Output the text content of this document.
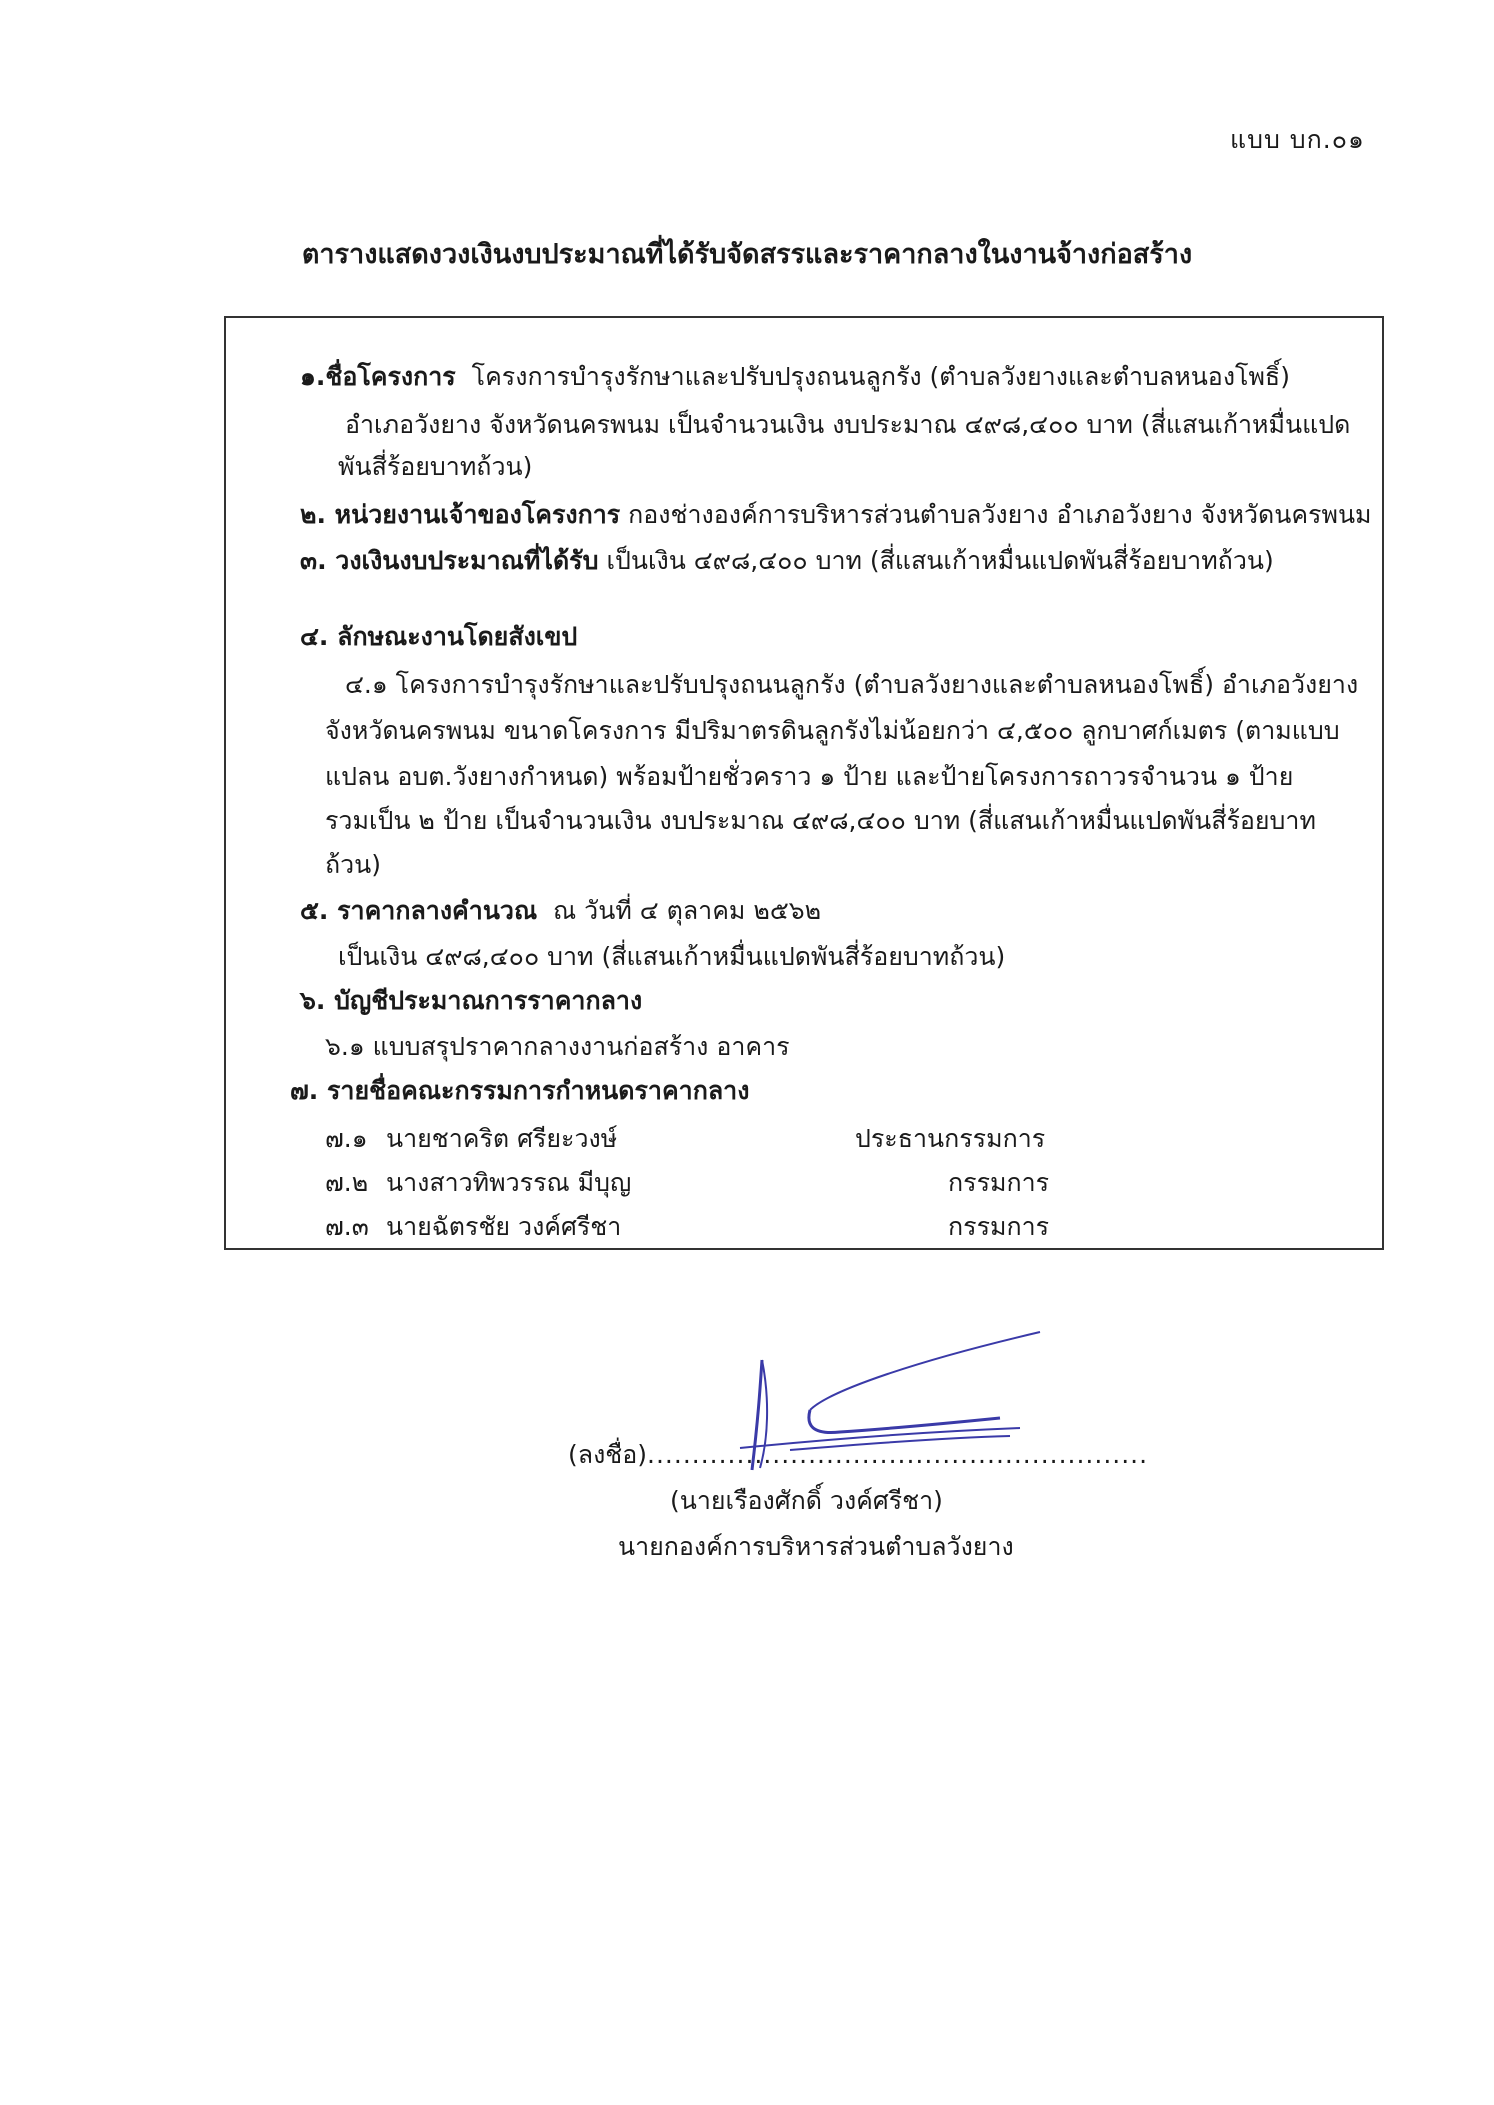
แบบ บก.๐๑
ตารางแสดงวงเงินงบประมาณที่ได้รับจัดสรรและราคากลางในงานจ้างก่อสร้าง
๑.ชื่อโครงการ โครงการบำรุงรักษาและปรับปรุงถนนลูกรัง (ตำบลวังยางและตำบลหนองโพธิ์)
อำเภอวังยาง จังหวัดนครพนม เป็นจำนวนเงิน งบประมาณ ๔๙๘,๔๐๐ บาท (สี่แสนเก้าหมื่นแปด
พันสี่ร้อยบาทถ้วน)
๒. หน่วยงานเจ้าของโครงการ กองช่างองค์การบริหารส่วนตำบลวังยาง อำเภอวังยาง จังหวัดนครพนม
๓. วงเงินงบประมาณที่ได้รับ เป็นเงิน ๔๙๘,๔๐๐ บาท (สี่แสนเก้าหมื่นแปดพันสี่ร้อยบาทถ้วน)
๔. ลักษณะงานโดยสังเขป
๔.๑ โครงการบำรุงรักษาและปรับปรุงถนนลูกรัง (ตำบลวังยางและตำบลหนองโพธิ์) อำเภอวังยาง
จังหวัดนครพนม ขนาดโครงการ มีปริมาตรดินลูกรังไม่น้อยกว่า ๔,๕๐๐ ลูกบาศก์เมตร (ตามแบบ
แปลน อบต.วังยางกำหนด) พร้อมป้ายชั่วคราว ๑ ป้าย และป้ายโครงการถาวรจำนวน ๑ ป้าย
รวมเป็น ๒ ป้าย เป็นจำนวนเงิน งบประมาณ ๔๙๘,๔๐๐ บาท (สี่แสนเก้าหมื่นแปดพันสี่ร้อยบาท
ถ้วน)
๕. ราคากลางคำนวณ ณ วันที่ ๔ ตุลาคม ๒๕๖๒
เป็นเงิน ๔๙๘,๔๐๐ บาท (สี่แสนเก้าหมื่นแปดพันสี่ร้อยบาทถ้วน)
๖. บัญชีประมาณการราคากลาง
๖.๑ แบบสรุปราคากลางงานก่อสร้าง อาคาร
๗. รายชื่อคณะกรรมการกำหนดราคากลาง
๗.๑ นายชาคริต ศรียะวงษ์	ประธานกรรมการ
๗.๒ นางสาวทิพวรรณ มีบุญ	กรรมการ
๗.๓ นายฉัตรชัย วงค์ศรีชา	กรรมการ
(ลงชื่อ)........................................................
(นายเรืองศักดิ์ วงค์ศรีชา)
นายกองค์การบริหารส่วนตำบลวังยาง
